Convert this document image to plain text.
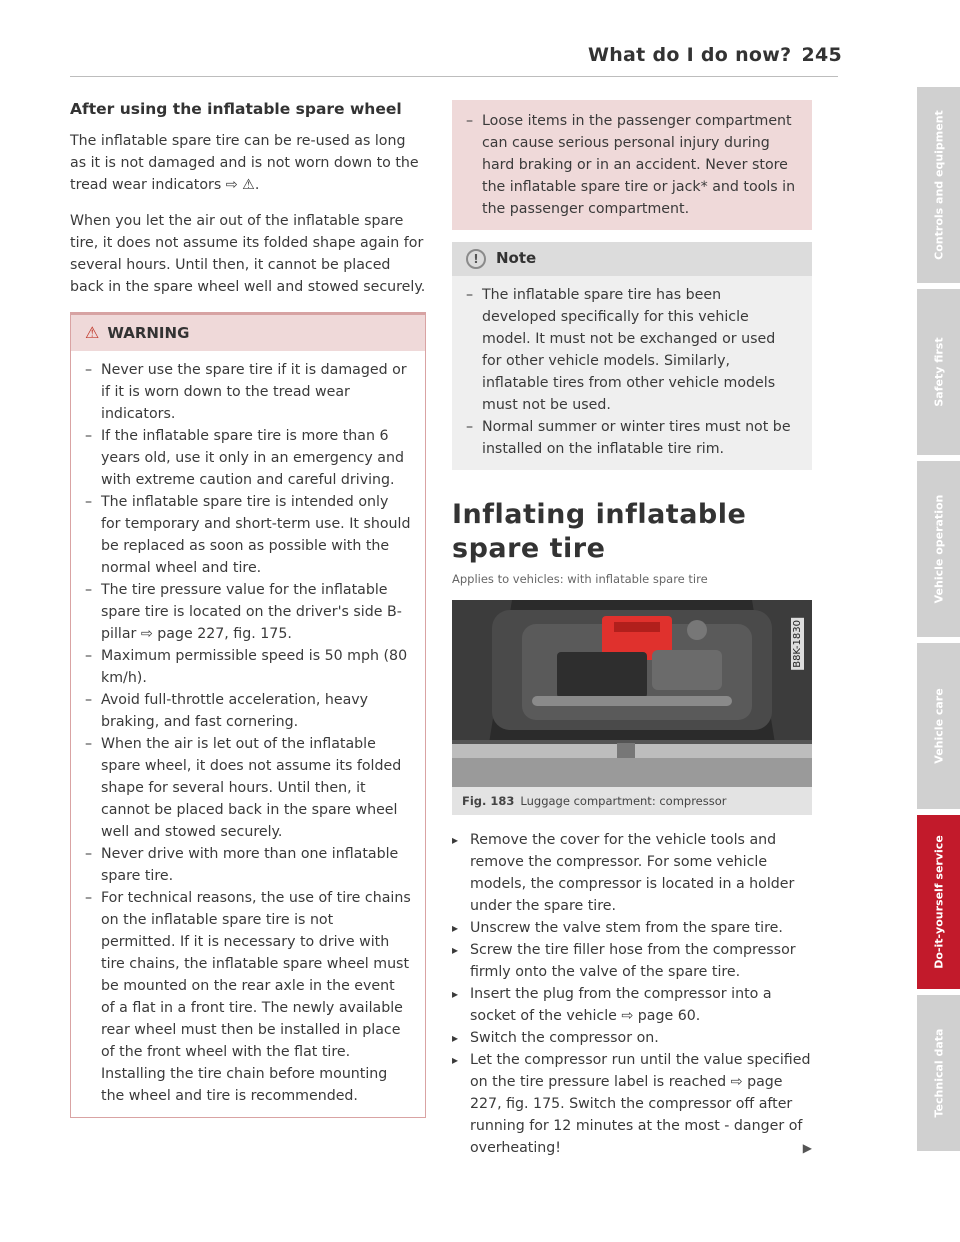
What do I do now? 245
After using the inflatable spare wheel

The inflatable spare tire can be re-used as long as it is not damaged and is not worn down to the tread wear indicators ⇨ ⚠.

When you let the air out of the inflatable spare tire, it does not assume its folded shape again for several hours. Until then, it cannot be placed back in the spare wheel well and stowed securely.

⚠ WARNING
– Never use the spare tire if it is damaged or if it is worn down to the tread wear indicators.
– If the inflatable spare tire is more than 6 years old, use it only in an emergency and with extreme caution and careful driving.
– The inflatable spare tire is intended only for temporary and short-term use. It should be replaced as soon as possible with the normal wheel and tire.
– The tire pressure value for the inflatable spare tire is located on the driver's side B-pillar ⇨ page 227, fig. 175.
– Maximum permissible speed is 50 mph (80 km/h).
– Avoid full-throttle acceleration, heavy braking, and fast cornering.
– When the air is let out of the inflatable spare wheel, it does not assume its folded shape for several hours. Until then, it cannot be placed back in the spare wheel well and stowed securely.
– Never drive with more than one inflatable spare tire.
– For technical reasons, the use of tire chains on the inflatable spare tire is not permitted. If it is necessary to drive with tire chains, the inflatable spare wheel must be mounted on the rear axle in the event of a flat in a front tire. The newly available rear wheel must then be installed in place of the front wheel with the flat tire. Installing the tire chain before mounting the wheel and tire is recommended.
– Loose items in the passenger compartment can cause serious personal injury during hard braking or in an accident. Never store the inflatable spare tire or jack* and tools in the passenger compartment.
! Note
– The inflatable spare tire has been developed specifically for this vehicle model. It must not be exchanged or used for other vehicle models. Similarly, inflatable tires from other vehicle models must not be used.
– Normal summer or winter tires must not be installed on the inflatable tire rim.
Inflating inflatable spare tire
Applies to vehicles: with inflatable spare tire
B8K-1830
Fig. 183 Luggage compartment: compressor
▸ Remove the cover for the vehicle tools and remove the compressor. For some vehicle models, the compressor is located in a holder under the spare tire.
▸ Unscrew the valve stem from the spare tire.
▸ Screw the tire filler hose from the compressor firmly onto the valve of the spare tire.
▸ Insert the plug from the compressor into a socket of the vehicle ⇨ page 60.
▸ Switch the compressor on.
▸ Let the compressor run until the value specified on the tire pressure label is reached ⇨ page 227, fig. 175. Switch the compressor off after running for 12 minutes at the most - danger of overheating!	▶
Controls and equipment
Safety first
Vehicle operation
Vehicle care
Do-it-yourself service
Technical data
